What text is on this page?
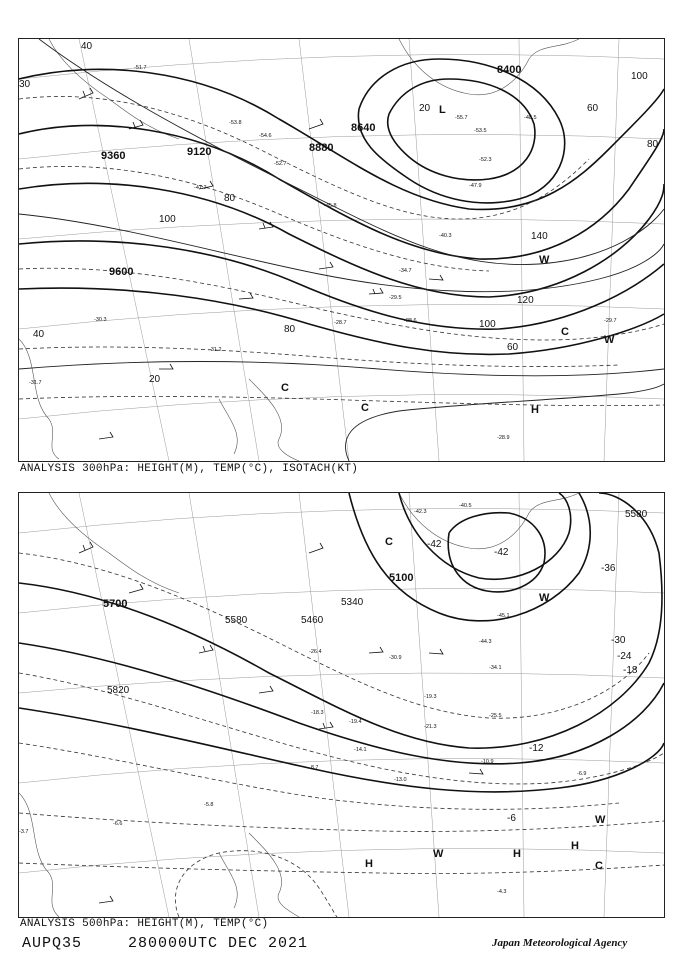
9360	9120	8880
8640
8400
9600
40
80
100
120
140
100
80
60
40
20
20
30
60
80
100
-30.3
-31.2
-31.7
-29.5
-28.7	-28.6	-29.7
-34.7
-40.3
-47.9
-53.5
-52.3
-55.7
-45.8
-48.5
-51.7
-54.6
-52.7
-53.8
-47.2
-28.9
L
H
C
C
W
W
C
ANALYSIS 300hPa: HEIGHT(M), TEMP(°C), ISOTACH(KT)
5700
5820
5580	5460
5340
5100
5580
-42
-42
-36
-30
-24
-18
-12
-6
-45.1
-44.3
-42.3
-40.5
-34.1
-30.9
-25.5
-21.3
-19.4
-18.3
-14.1
-13.0
-10.9
-8.7
-6.9
-5.8
-4.3
-3.7
-6.6
-26.4
-19.3
C
H
W	H
H
C
W
W
ANALYSIS 500hPa: HEIGHT(M), TEMP(°C)
AUPQ35	280000UTC DEC 2021	Japan Meteorological Agency
